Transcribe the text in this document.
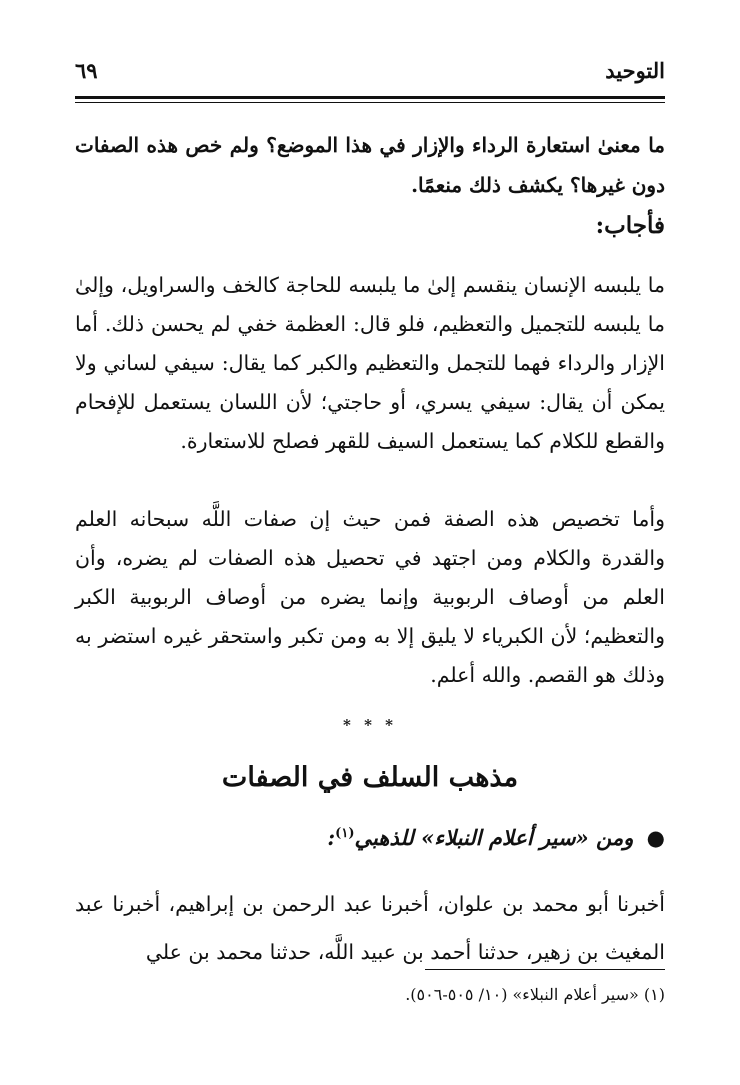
التوحيد
٦٩
ما معنىٰ استعارة الرداء والإزار في هذا الموضع؟ ولم خص هذه الصفات دون غيرها؟ يكشف ذلك منعمًا.
فأجاب:
ما يلبسه الإنسان ينقسم إلىٰ ما يلبسه للحاجة كالخف والسراويل، وإلىٰ ما يلبسه للتجميل والتعظيم، فلو قال: العظمة خفي لم يحسن ذلك. أما الإزار والرداء فهما للتجمل والتعظيم والكبر كما يقال: سيفي لساني ولا يمكن أن يقال: سيفي يسري، أو حاجتي؛ لأن اللسان يستعمل للإفحام والقطع للكلام كما يستعمل السيف للقهر فصلح للاستعارة.
وأما تخصيص هذه الصفة فمن حيث إن صفات اللَّه سبحانه العلم والقدرة والكلام ومن اجتهد في تحصيل هذه الصفات لم يضره، وأن العلم من أوصاف الربوبية وإنما يضره من أوصاف الربوبية الكبر والتعظيم؛ لأن الكبرياء لا يليق إلا به ومن تكبر واستحقر غيره استضر به وذلك هو القصم. والله أعلم.
* * *
مذهب السلف في الصفات
● ومن «سير أعلام النبلاء» للذهبي$^{(١)}$:
أخبرنا أبو محمد بن علوان، أخبرنا عبد الرحمن بن إبراهيم، أخبرنا عبد المغيث بن زهير، حدثنا أحمد بن عبيد اللَّه، حدثنا محمد بن علي
(١) «سير أعلام النبلاء» (١٠/ ٥٠٥-٥٠٦).
